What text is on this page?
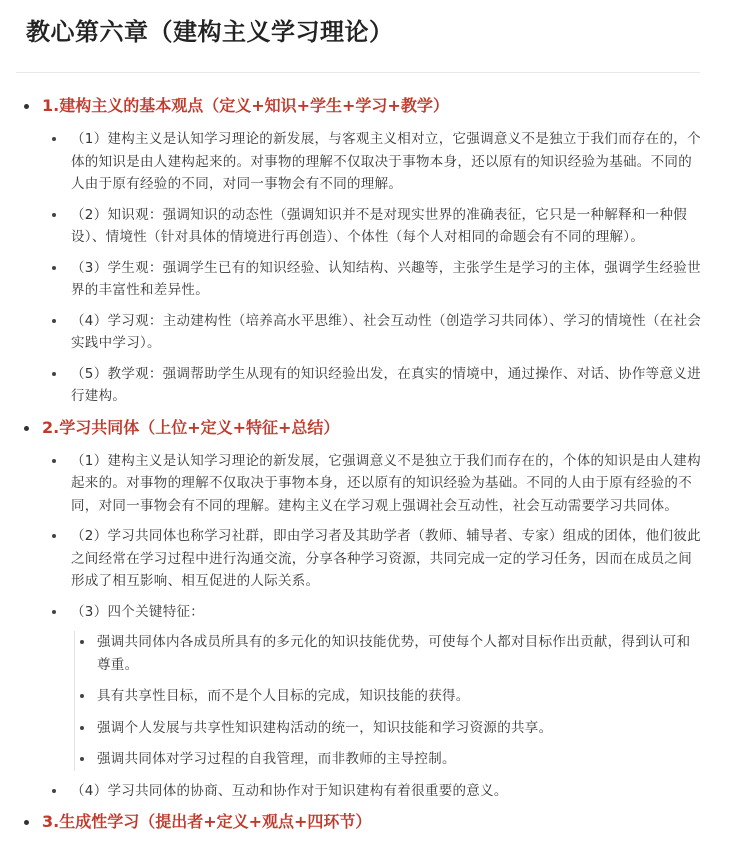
教心第六章（建构主义学习理论）
1.建构主义的基本观点（定义+知识+学生+学习+教学）
（1）建构主义是认知学习理论的新发展，与客观主义相对立，它强调意义不是独立于我们而存在的，个体的知识是由人建构起来的。对事物的理解不仅取决于事物本身，还以原有的知识经验为基础。不同的人由于原有经验的不同，对同一事物会有不同的理解。
（2）知识观：强调知识的动态性（强调知识并不是对现实世界的准确表征，它只是一种解释和一种假设）、情境性（针对具体的情境进行再创造）、个体性（每个人对相同的命题会有不同的理解）。
（3）学生观：强调学生已有的知识经验、认知结构、兴趣等，主张学生是学习的主体，强调学生经验世界的丰富性和差异性。
（4）学习观：主动建构性（培养高水平思维）、社会互动性（创造学习共同体）、学习的情境性（在社会实践中学习）。
（5）教学观：强调帮助学生从现有的知识经验出发，在真实的情境中，通过操作、对话、协作等意义进行建构。
2.学习共同体（上位+定义+特征+总结）
（1）建构主义是认知学习理论的新发展，它强调意义不是独立于我们而存在的，个体的知识是由人建构起来的。对事物的理解不仅取决于事物本身，还以原有的知识经验为基础。不同的人由于原有经验的不同，对同一事物会有不同的理解。建构主义在学习观上强调社会互动性，社会互动需要学习共同体。
（2）学习共同体也称学习社群，即由学习者及其助学者（教师、辅导者、专家）组成的团体，他们彼此之间经常在学习过程中进行沟通交流，分享各种学习资源，共同完成一定的学习任务，因而在成员之间形成了相互影响、相互促进的人际关系。
（3）四个关键特征：
强调共同体内各成员所具有的多元化的知识技能优势，可使每个人都对目标作出贡献，得到认可和尊重。
具有共享性目标，而不是个人目标的完成，知识技能的获得。
强调个人发展与共享性知识建构活动的统一，知识技能和学习资源的共享。
强调共同体对学习过程的自我管理，而非教师的主导控制。
（4）学习共同体的协商、互动和协作对于知识建构有着很重要的意义。
3.生成性学习（提出者+定义+观点+四环节）
